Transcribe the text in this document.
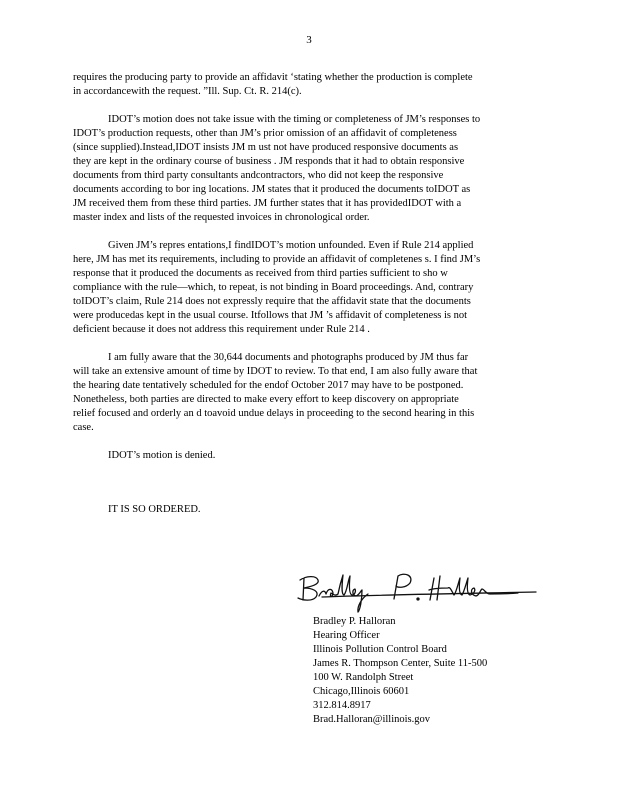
3
requires the producing party to provide an affidavit ‘stating whether the production is complete
in accordancewith the request. ”Ill. Sup. Ct. R. 214(c).
IDOT’s motion does not take issue with the timing or completeness of JM’s responses to
IDOT’s production requests, other than JM’s prior omission of an affidavit of completeness
(since supplied).Instead,IDOT insists JM m ust not have produced responsive documents as
they are kept in the ordinary course of business . JM responds that it had to obtain responsive
documents from third party consultants andcontractors, who did not keep the responsive
documents according to bor ing locations. JM states that it produced the documents toIDOT as
JM received them from these third parties. JM further states that it has providedIDOT with a
master index and lists of the requested invoices in chronological order.
Given JM’s repres entations,I findIDOT’s motion unfounded. Even if Rule 214 applied
here, JM has met its requirements, including to provide an affidavit of completenes s. I find JM’s
response that it produced the documents as received from third parties sufficient to sho w
compliance with the rule—which, to repeat, is not binding in Board proceedings. And, contrary
toIDOT’s claim, Rule 214 does not expressly require that the affidavit state that the documents
were producedas kept in the usual course. Itfollows that JM ’s affidavit of completeness is not
deficient because it does not address this requirement under Rule 214 .
I am fully aware that the 30,644 documents and photographs produced by JM thus far
will take an extensive amount of time by IDOT to review. To that end, I am also fully aware that
the hearing date tentatively scheduled for the endof October 2017 may have to be postponed.
Nonetheless, both parties are directed to make every effort to keep discovery on appropriate
relief focused and orderly an d toavoid undue delays in proceeding to the second hearing in this
case.
IDOT’s motion is denied.
IT IS SO ORDERED.
Bradley P. Halloran
Hearing Officer
Illinois Pollution Control Board
James R. Thompson Center, Suite 11-500
100 W. Randolph Street
Chicago,Illinois 60601
312.814.8917
Brad.Halloran@illinois.gov
